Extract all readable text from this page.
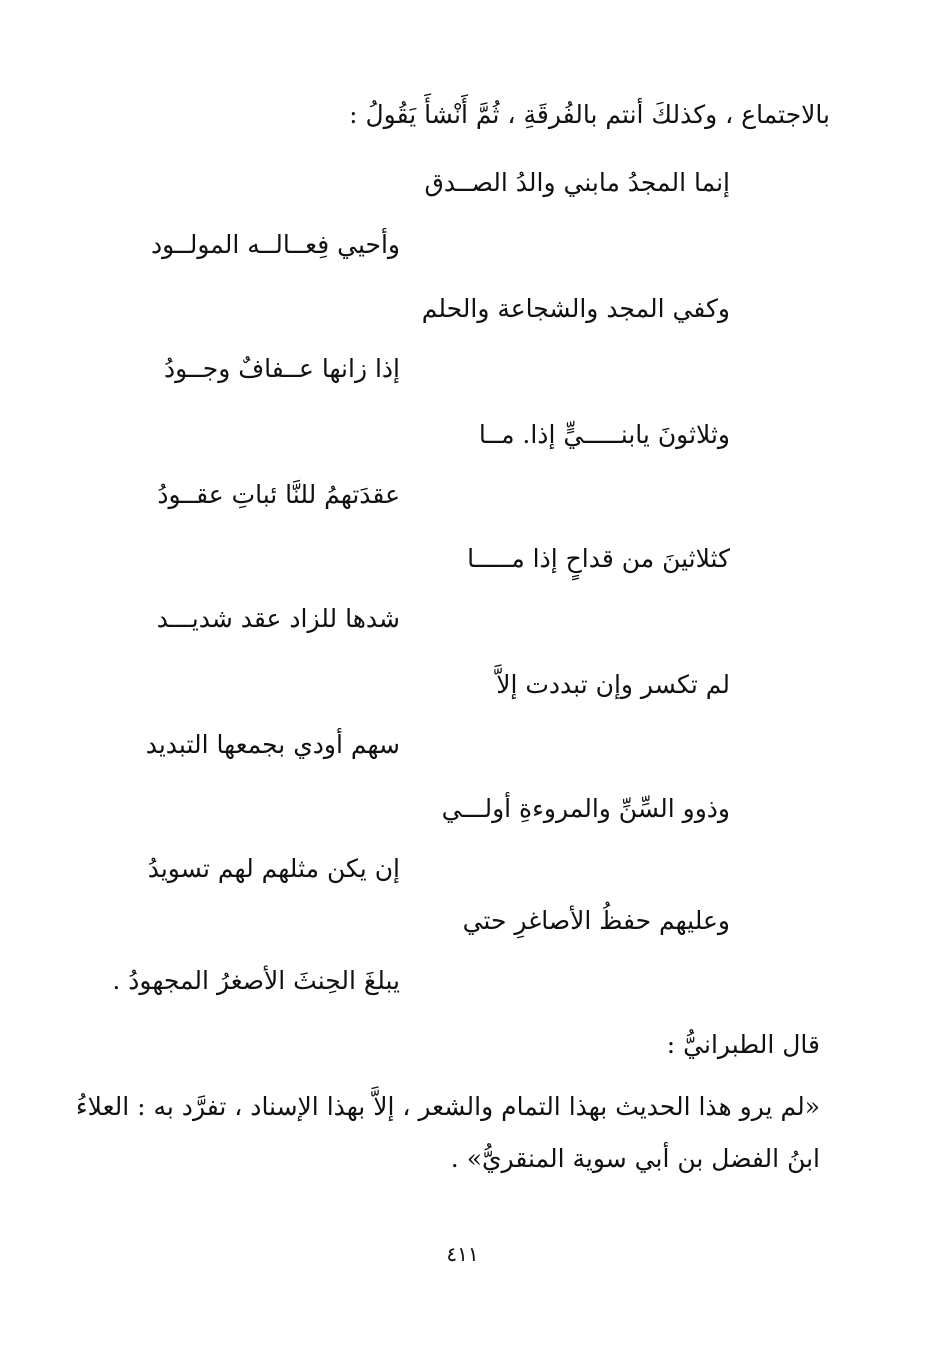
بالاجتماع ، وكذلكَ أنتم بالفُرقَةِ ، ثُمَّ أَنْشأَ يَقُولُ :
إنما المجدُ مابني والدُ الصــدق
وأحيي فِعــالــه المولــود
وكفي المجد والشجاعة والحلم
إذا زانها عــفافٌ وجــودُ
وثلاثونَ يابنـــــيٍّ إذا. مــا
عقدَتهمُ للنَّا ئباتِ عقــودُ
كثلاثينَ من قداحٍ إذا مـــــا
شدها للزاد عقد شديـــد
لم تكسر وإن تبددت إلاَّ
سهم أودي بجمعها التبديد
وذوو السِّنِّ والمروءةِ أولـــي
إن يكن مثلهم لهم تسويدُ
وعليهم حفظُ الأصاغرِ حتي
يبلغَ الحِنثَ الأصغرُ المجهودُ .
قال الطبرانيُّ :
«لم يرو هذا الحديث بهذا التمام والشعر ، إلاَّ بهذا الإسناد ، تفرَّد به : العلاءُ
ابنُ الفضل بن أبي سوية المنقريُّ» .
٤١١
